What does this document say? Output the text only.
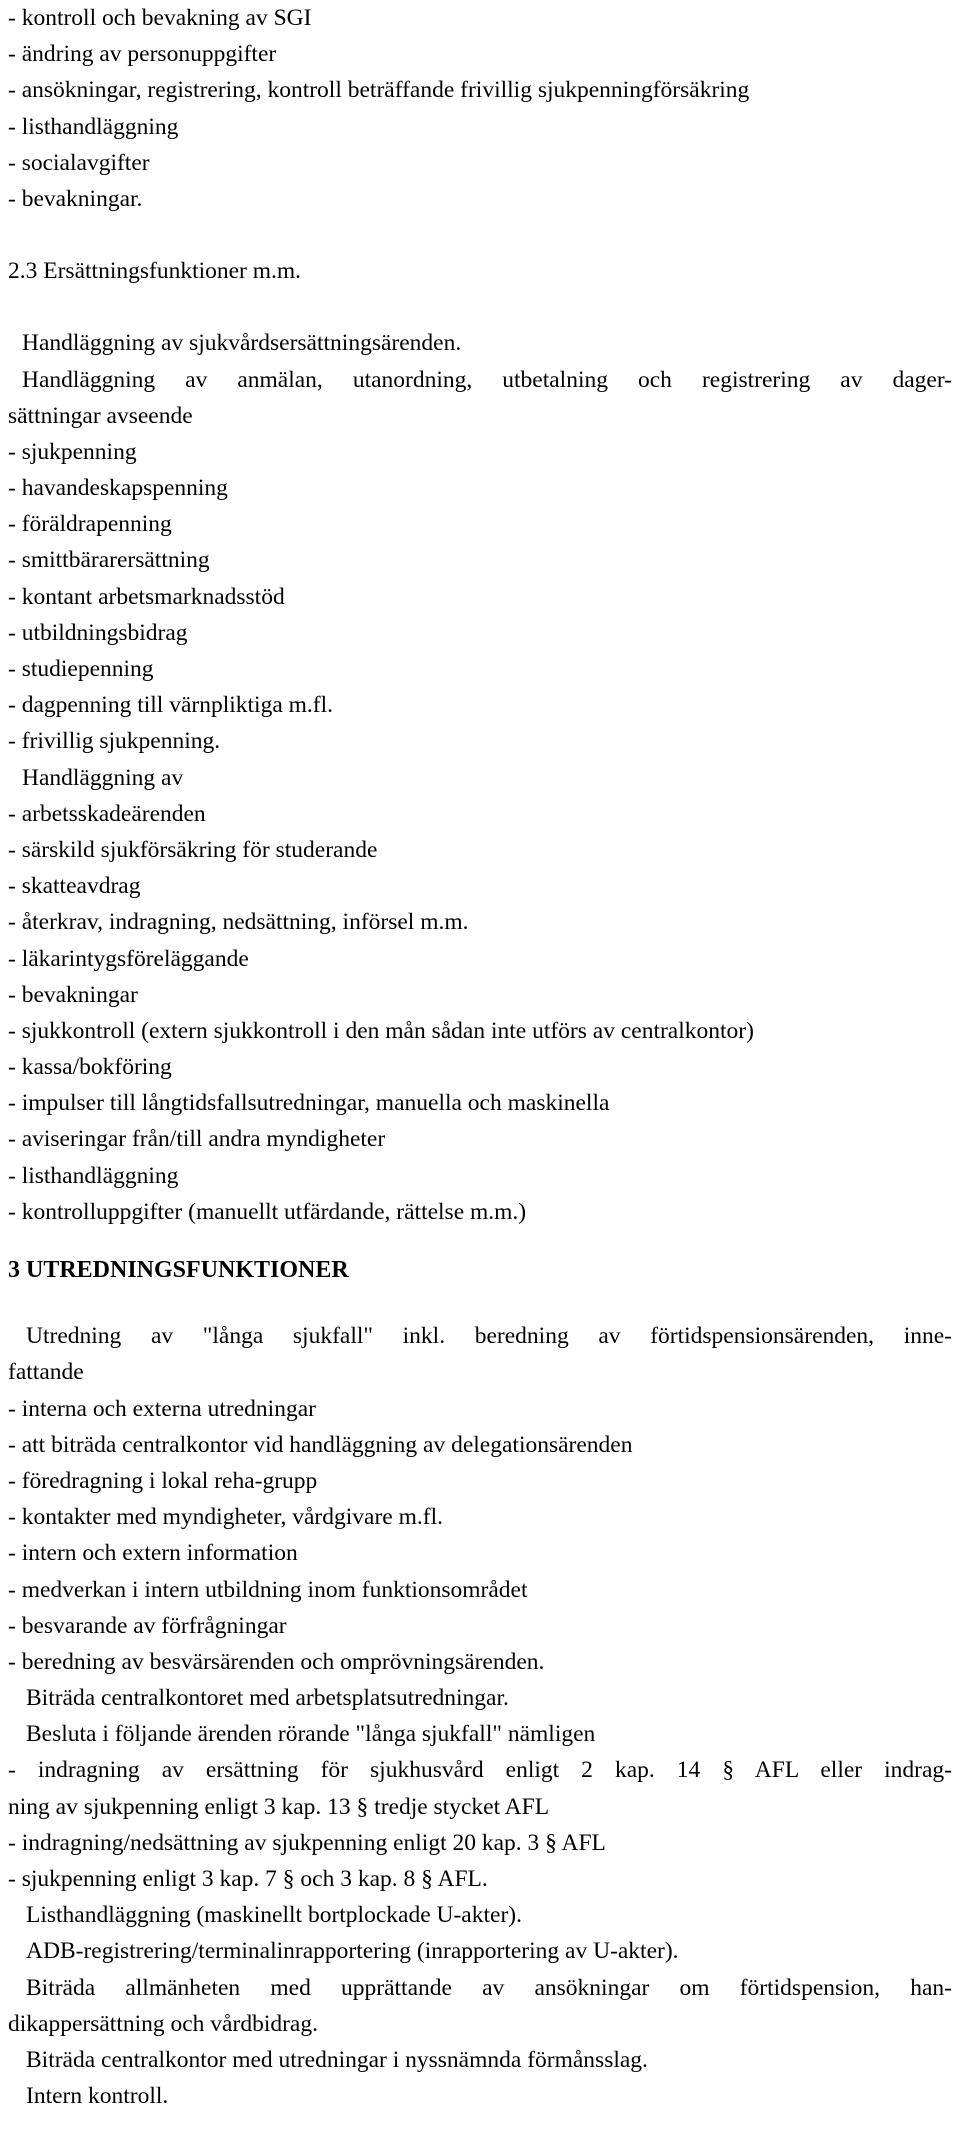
- kontroll och bevakning av SGI
- ändring av personuppgifter
- ansökningar, registrering, kontroll beträffande frivillig sjukpenningförsäkring
- listhandläggning
- socialavgifter
- bevakningar.
2.3 Ersättningsfunktioner m.m.
Handläggning av sjukvårdsersättningsärenden.
Handläggning av anmälan, utanordning, utbetalning och registrering av dager-
sättningar avseende
- sjukpenning
- havandeskapspenning
- föräldrapenning
- smittbärarersättning
- kontant arbetsmarknadsstöd
- utbildningsbidrag
- studiepenning
- dagpenning till värnpliktiga m.fl.
- frivillig sjukpenning.
Handläggning av
- arbetsskadeärenden
- särskild sjukförsäkring för studerande
- skatteavdrag
- återkrav, indragning, nedsättning, införsel m.m.
- läkarintygsföreläggande
- bevakningar
- sjukkontroll (extern sjukkontroll i den mån sådan inte utförs av centralkontor)
- kassa/bokföring
- impulser till långtidsfallsutredningar, manuella och maskinella
- aviseringar från/till andra myndigheter
- listhandläggning
- kontrolluppgifter (manuellt utfärdande, rättelse m.m.)
3 UTREDNINGSFUNKTIONER
Utredning av "långa sjukfall" inkl. beredning av förtidspensionsärenden, inne-
fattande
- interna och externa utredningar
- att biträda centralkontor vid handläggning av delegationsärenden
- föredragning i lokal reha-grupp
- kontakter med myndigheter, vårdgivare m.fl.
- intern och extern information
- medverkan i intern utbildning inom funktionsområdet
- besvarande av förfrågningar
- beredning av besvärsärenden och omprövningsärenden.
Biträda centralkontoret med arbetsplatsutredningar.
Besluta i följande ärenden rörande "långa sjukfall" nämligen
- indragning av ersättning för sjukhusvård enligt 2 kap. 14 § AFL eller indrag-
ning av sjukpenning enligt 3 kap. 13 § tredje stycket AFL
- indragning/nedsättning av sjukpenning enligt 20 kap. 3 § AFL
- sjukpenning enligt 3 kap. 7 § och 3 kap. 8 § AFL.
Listhandläggning (maskinellt bortplockade U-akter).
ADB-registrering/terminalinrapportering (inrapportering av U-akter).
Biträda allmänheten med upprättande av ansökningar om förtidspension, han-
dikappersättning och vårdbidrag.
Biträda centralkontor med utredningar i nyssnämnda förmånsslag.
Intern kontroll.
